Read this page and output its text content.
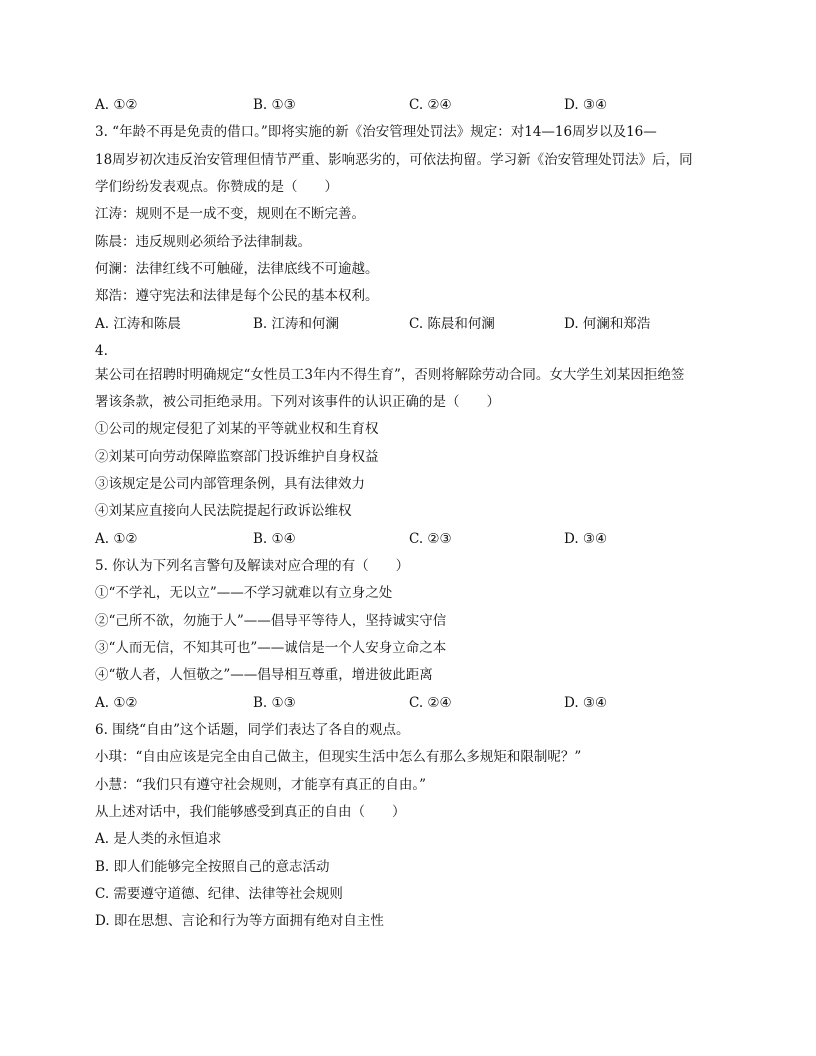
A. ①②	B. ①③	C. ②④	D. ③④
3. “年龄不再是免责的借口。”即将实施的新《治安管理处罚法》规定：对14—16周岁以及16—
18周岁初次违反治安管理但情节严重、影响恶劣的，可依法拘留。学习新《治安管理处罚法》后，同
学们纷纷发表观点。你赞成的是（　　）
江涛：规则不是一成不变，规则在不断完善。
陈晨：违反规则必须给予法律制裁。
何澜：法律红线不可触碰，法律底线不可逾越。
郑浩：遵守宪法和法律是每个公民的基本权利。
A. 江涛和陈晨	B. 江涛和何澜	C. 陈晨和何澜	D. 何澜和郑浩
4.
某公司在招聘时明确规定“女性员工3年内不得生育”，否则将解除劳动合同。女大学生刘某因拒绝签
署该条款，被公司拒绝录用。下列对该事件的认识正确的是（　　）
①公司的规定侵犯了刘某的平等就业权和生育权
②刘某可向劳动保障监察部门投诉维护自身权益
③该规定是公司内部管理条例，具有法律效力
④刘某应直接向人民法院提起行政诉讼维权
A. ①②	B. ①④	C. ②③	D. ③④
5. 你认为下列名言警句及解读对应合理的有（　　）
①“不学礼，无以立”——不学习就难以有立身之处
②“己所不欲，勿施于人”——倡导平等待人，坚持诚实守信
③“人而无信，不知其可也”——诚信是一个人安身立命之本
④“敬人者，人恒敬之”——倡导相互尊重，增进彼此距离
A. ①②	B. ①③	C. ②④	D. ③④
6. 围绕“自由”这个话题，同学们表达了各自的观点。
小琪：“自由应该是完全由自己做主，但现实生活中怎么有那么多规矩和限制呢？”
小慧：“我们只有遵守社会规则，才能享有真正的自由。”
从上述对话中，我们能够感受到真正的自由（　　）
A. 是人类的永恒追求
B. 即人们能够完全按照自己的意志活动
C. 需要遵守道德、纪律、法律等社会规则
D. 即在思想、言论和行为等方面拥有绝对自主性
